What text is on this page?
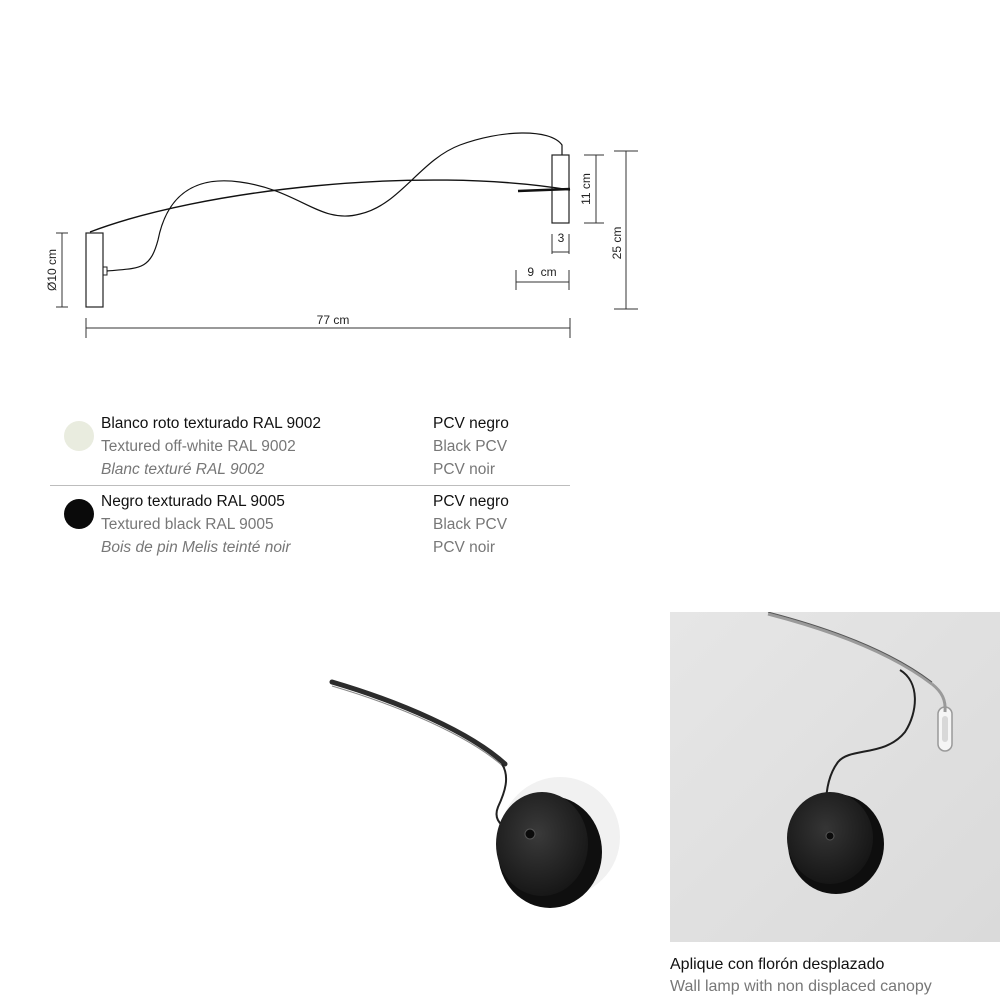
Ø10 cm
77 cm
11 cm
3
9  cm
25 cm
Blanco roto texturado RAL 9002
Textured off-white RAL 9002
Blanc texturé RAL 9002
PCV negro
Black PCV
PCV noir
Negro texturado RAL 9005
Textured black RAL 9005
Bois de pin Melis teinté noir
PCV negro
Black PCV
PCV noir
Aplique con florón desplazado
Wall lamp with non displaced canopy
